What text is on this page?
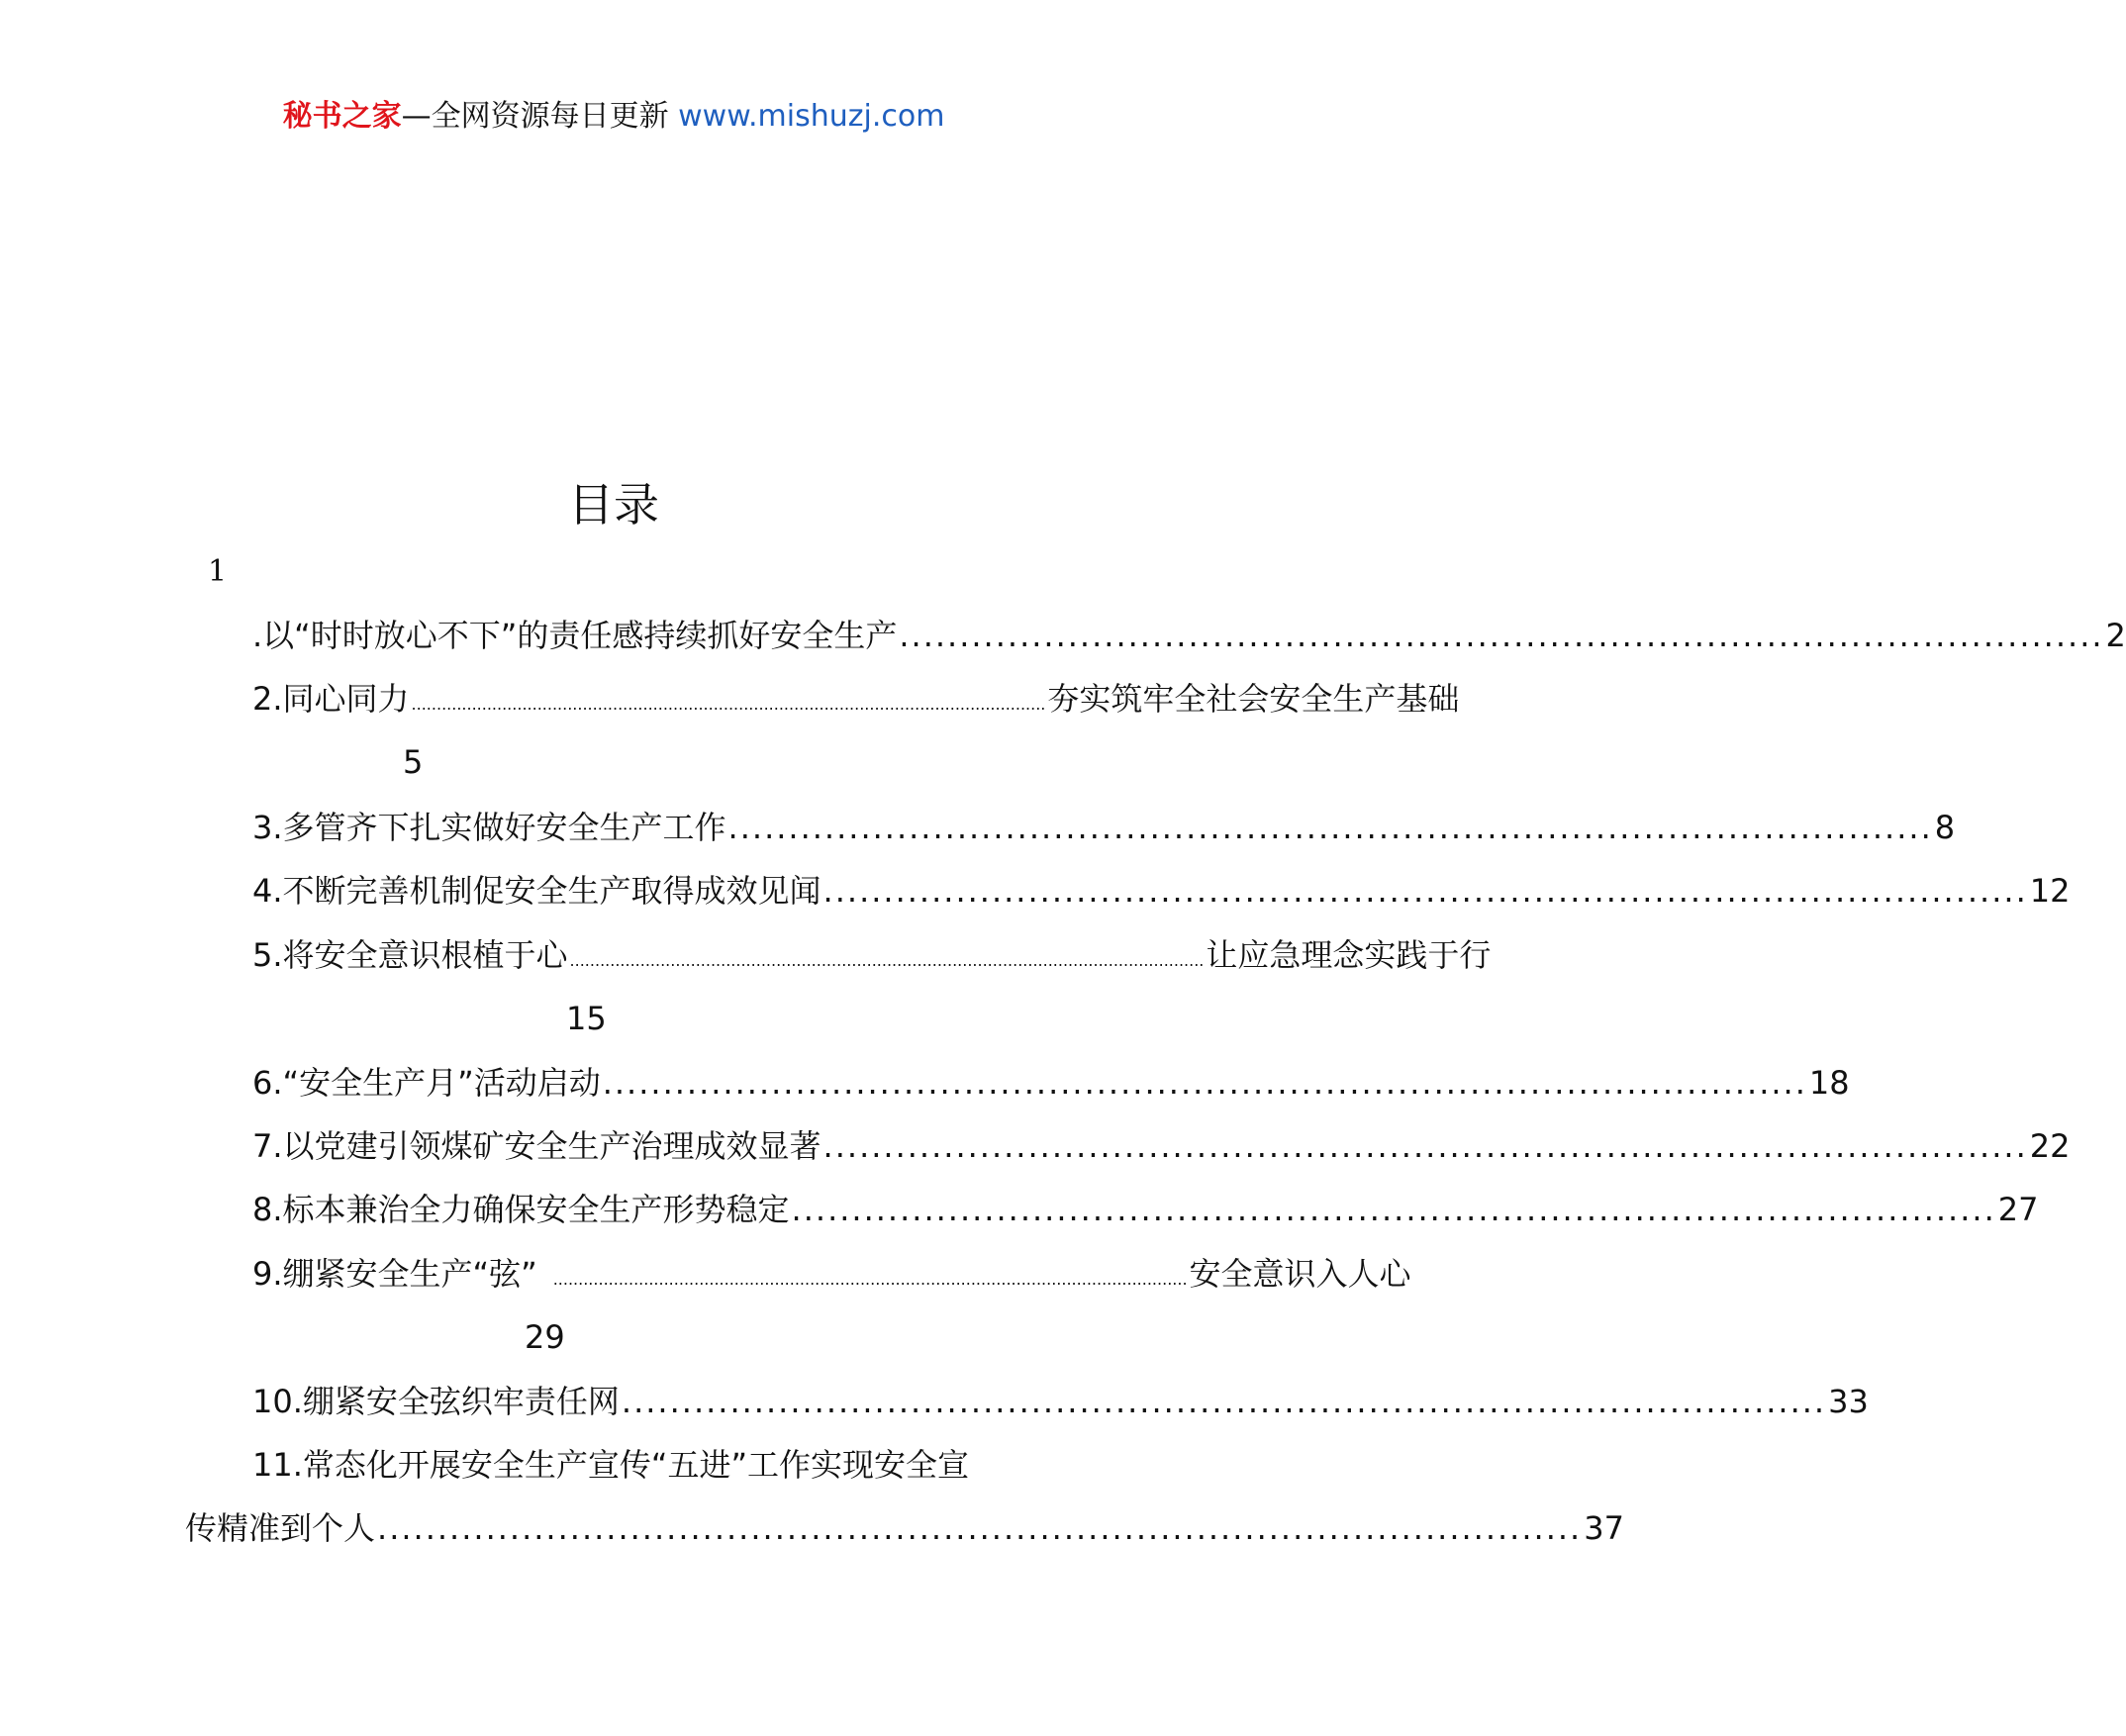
秘书之家—全网资源每日更新 www.mishuzj.com
目录
1
.以“时时放心不下”的责任感持续抓好安全生产 .................................................................................................... 2
2.同心同力 .............................................................................................................................. 夯实筑牢全社会安全生产基础
5
3.多管齐下扎实做好安全生产工作 .................................................................................................... 8
4.不断完善机制促安全生产取得成效见闻 .................................................................................................... 12
5.将安全意识根植于心 .............................................................................................................................. 让应急理念实践于行
15
6.“安全生产月”活动启动 .................................................................................................... 18
7.以党建引领煤矿安全生产治理成效显著 .................................................................................................... 22
8.标本兼治全力确保安全生产形势稳定 .................................................................................................... 27
9.绷紧安全生产“弦” .............................................................................................................................. 安全意识入人心
29
10.绷紧安全弦织牢责任网 .................................................................................................... 33
11.常态化开展安全生产宣传“五进”工作实现安全宣
传精准到个人 .................................................................................................... 37
